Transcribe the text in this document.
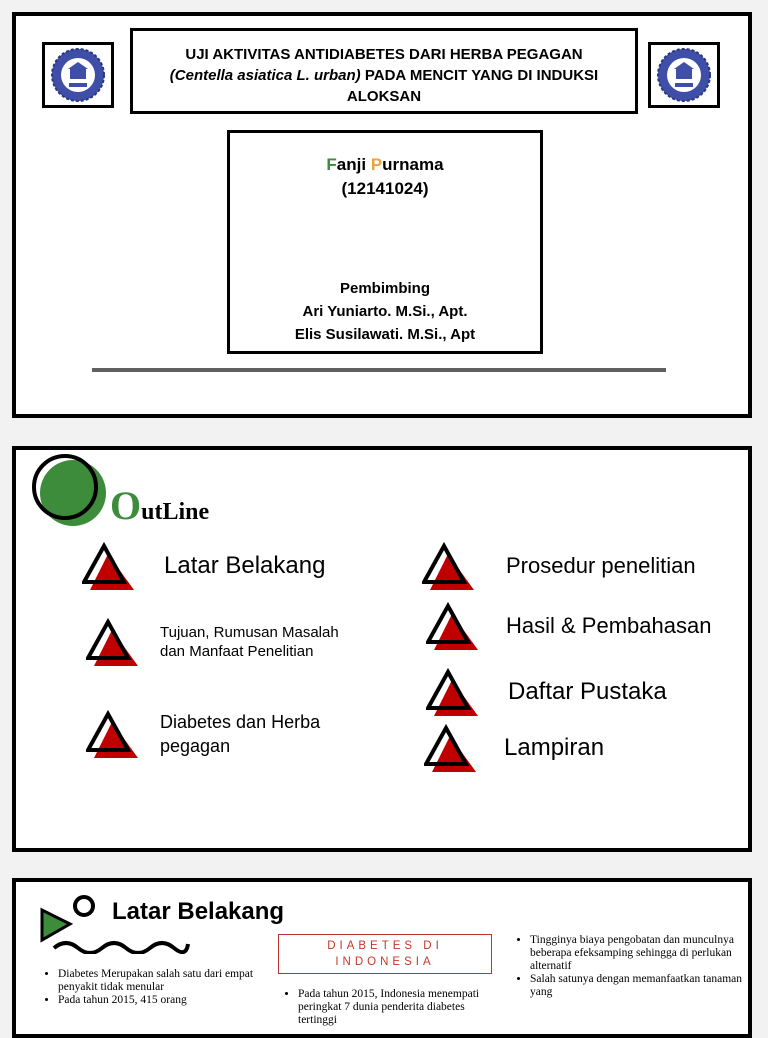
UJI AKTIVITAS ANTIDIABETES DARI HERBA PEGAGAN
(Centella asiatica L. urban) PADA MENCIT YANG DI INDUKSI
ALOKSAN
Fanji Purnama
(12141024)
Pembimbing
Ari Yuniarto. M.Si., Apt.
Elis Susilawati. M.Si., Apt
OutLine
Latar Belakang
Tujuan, Rumusan Masalah
dan Manfaat Penelitian
Diabetes dan Herba
pegagan
Prosedur penelitian
Hasil & Pembahasan
Daftar Pustaka
Lampiran
Latar Belakang
• Diabetes Merupakan salah satu dari empat penyakit tidak menular
• Pada tahun 2015, 415 orang
DIABETES DI
INDONESIA
• Pada tahun 2015, Indonesia menempati peringkat 7 dunia penderita diabetes tertinggi
• Tingginya biaya pengobatan dan munculnya beberapa efeksamping sehingga di perlukan alternatif
• Salah satunya dengan memanfaatkan tanaman yang
